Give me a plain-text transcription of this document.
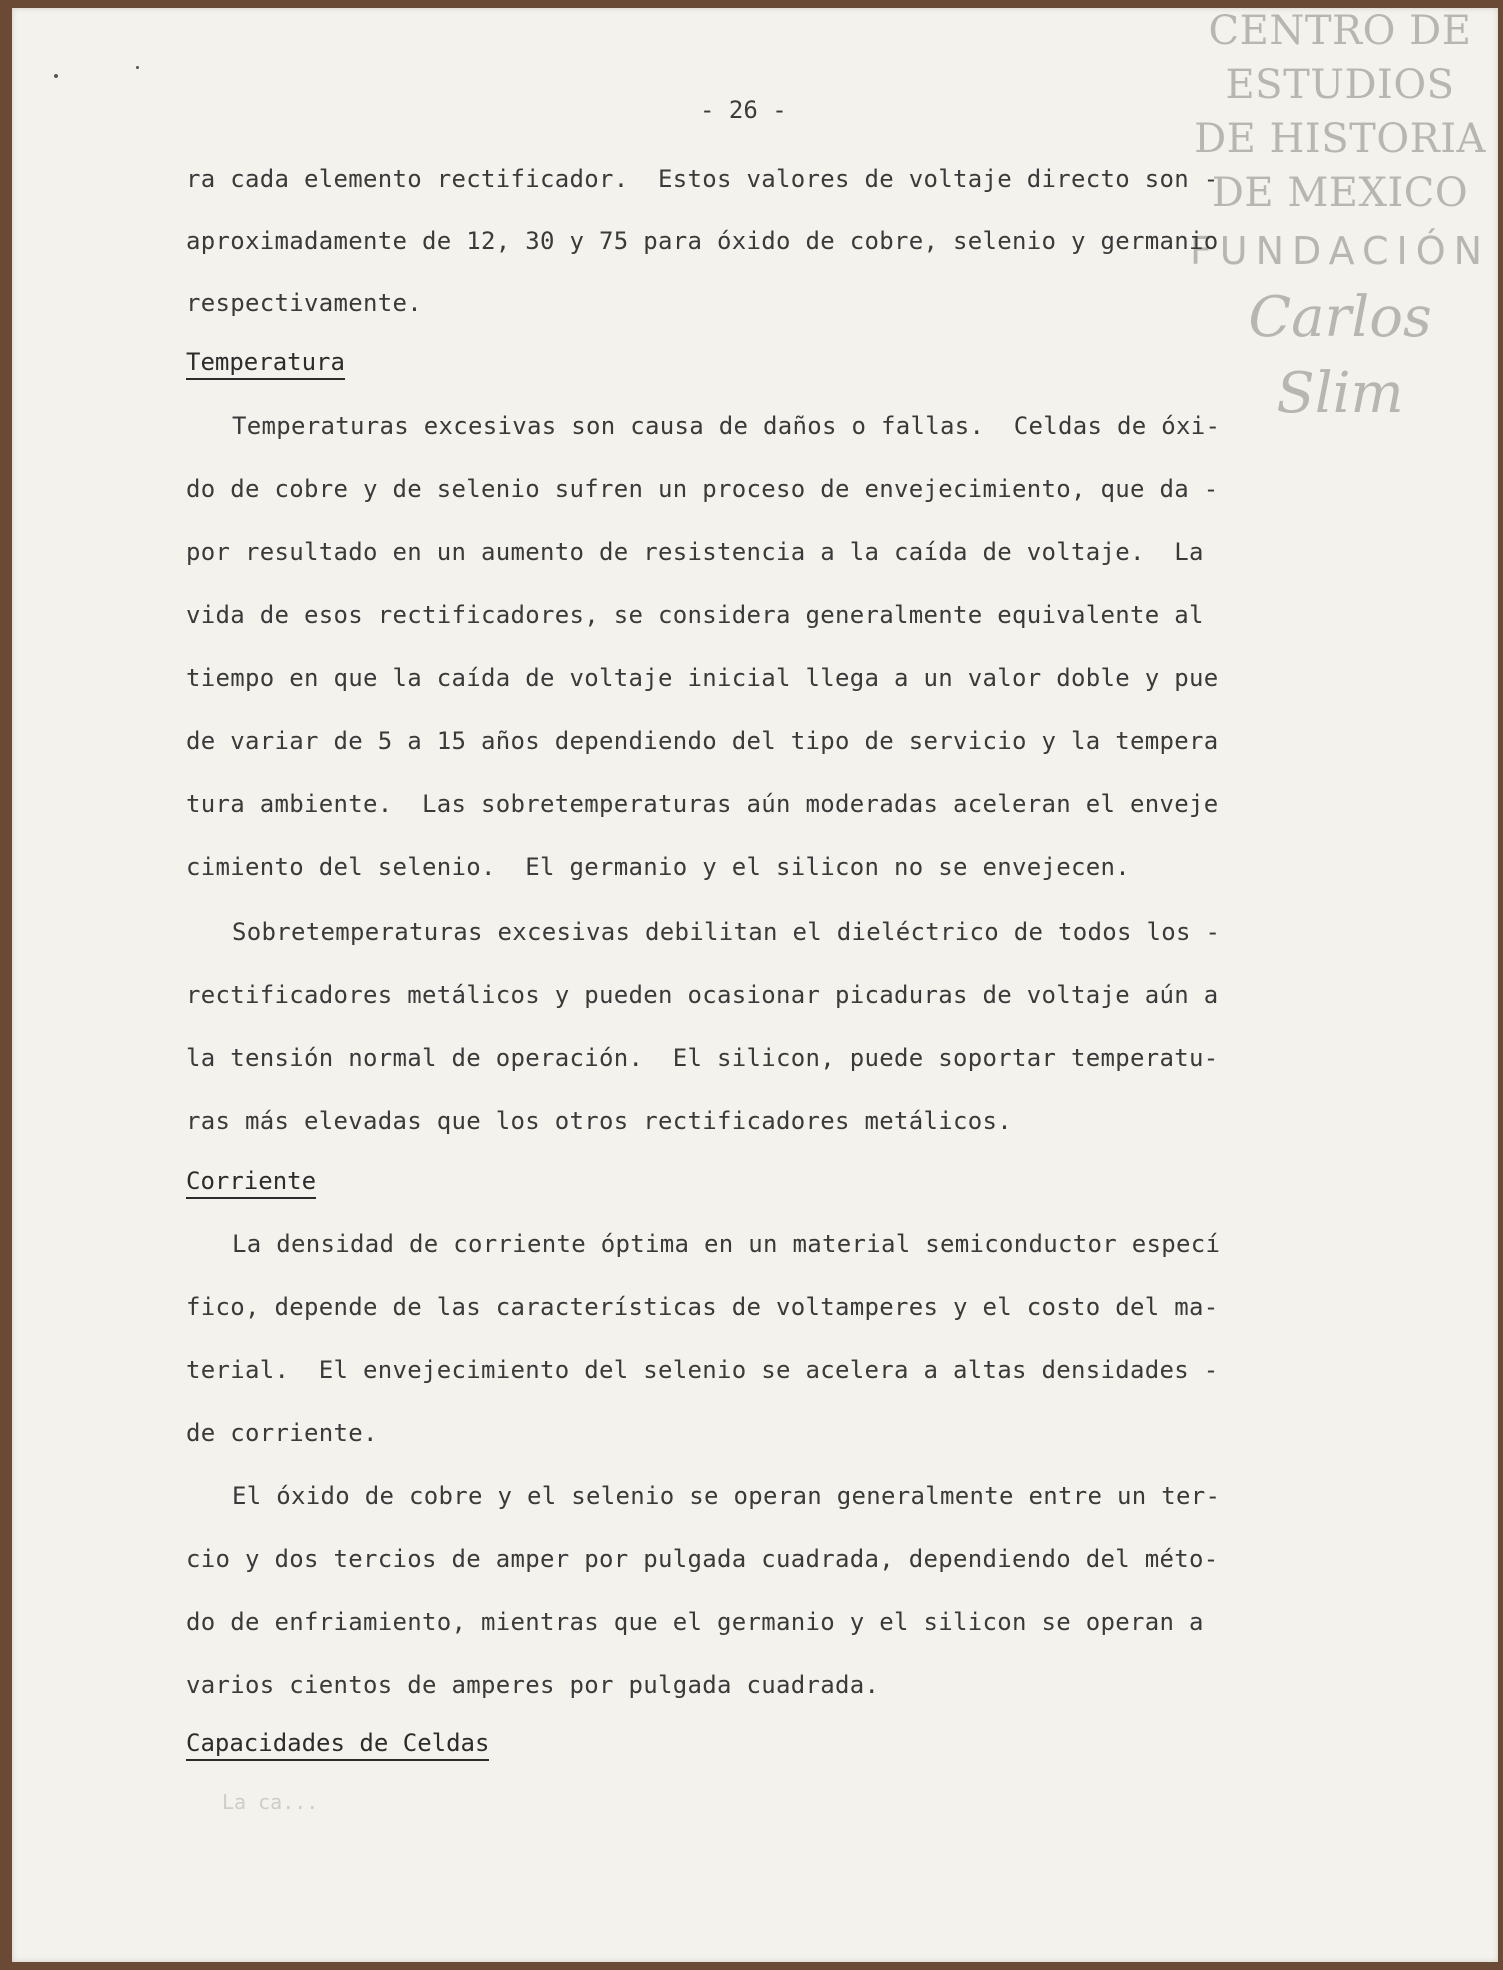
CENTRO DE
ESTUDIOS
DE HISTORIA
DE MEXICO
FUNDACIÓN
Carlos Slim
- 26 -
ra cada elemento rectificador.  Estos valores de voltaje directo son -
aproximadamente de 12, 30 y 75 para óxido de cobre, selenio y germanio
respectivamente.
Temperatura
Temperaturas excesivas son causa de daños o fallas.  Celdas de óxi-
do de cobre y de selenio sufren un proceso de envejecimiento, que da -
por resultado en un aumento de resistencia a la caída de voltaje.  La
vida de esos rectificadores, se considera generalmente equivalente al
tiempo en que la caída de voltaje inicial llega a un valor doble y pue
de variar de 5 a 15 años dependiendo del tipo de servicio y la tempera
tura ambiente.  Las sobretemperaturas aún moderadas aceleran el enveje
cimiento del selenio.  El germanio y el silicon no se envejecen.
Sobretemperaturas excesivas debilitan el dieléctrico de todos los -
rectificadores metálicos y pueden ocasionar picaduras de voltaje aún a
la tensión normal de operación.  El silicon, puede soportar temperatu-
ras más elevadas que los otros rectificadores metálicos.
Corriente
La densidad de corriente óptima en un material semiconductor especí
fico, depende de las características de voltamperes y el costo del ma-
terial.  El envejecimiento del selenio se acelera a altas densidades -
de corriente.
El óxido de cobre y el selenio se operan generalmente entre un ter-
cio y dos tercios de amper por pulgada cuadrada, dependiendo del méto-
do de enfriamiento, mientras que el germanio y el silicon se operan a
varios cientos de amperes por pulgada cuadrada.
Capacidades de Celdas
La ca...
